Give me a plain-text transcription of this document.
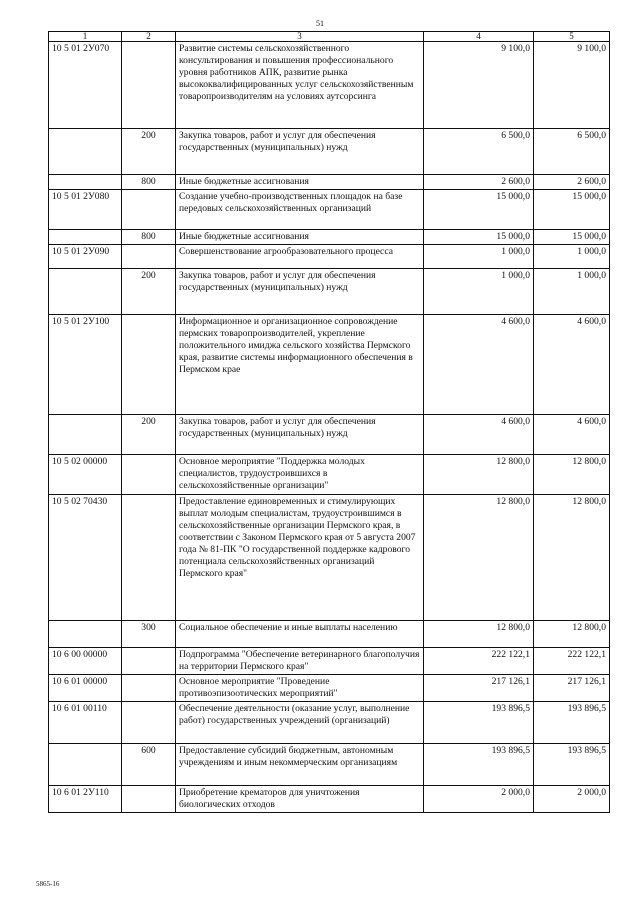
51
1	2	3	4	5
10 5 01 2У070		Развитие системы сельскохозяйственного консультирования и повышения профессионального уровня работников АПК, развитие рынка высококвалифицированных услуг сельскохозяйственным товаропроизводителям на условиях аутсорсинга	9 100,0	9 100,0
	200	Закупка товаров, работ и услуг для обеспечения государственных (муниципальных) нужд	6 500,0	6 500,0
	800	Иные бюджетные ассигнования	2 600,0	2 600,0
10 5 01 2У080		Создание учебно-производственных площадок на базе передовых сельскохозяйственных организаций	15 000,0	15 000,0
	800	Иные бюджетные ассигнования	15 000,0	15 000,0
10 5 01 2У090		Совершенствование агрообразовательного процесса	1 000,0	1 000,0
	200	Закупка товаров, работ и услуг для обеспечения государственных (муниципальных) нужд	1 000,0	1 000,0
10 5 01 2У100		Информационное и организационное сопровождение пермских товаропроизводителей, укрепление положительного имиджа сельского хозяйства Пермского края, развитие системы информационного обеспечения в Пермском крае	4 600,0	4 600,0
	200	Закупка товаров, работ и услуг для обеспечения государственных (муниципальных) нужд	4 600,0	4 600,0
10 5 02 00000		Основное мероприятие "Поддержка молодых специалистов, трудоустроившихся в сельскохозяйственные организации"	12 800,0	12 800,0
10 5 02 70430		Предоставление единовременных и стимулирующих выплат молодым специалистам, трудоустроившимся в сельскохозяйственные организации Пермского края, в соответствии с Законом Пермского края от 5 августа 2007 года № 81-ПК "О государственной поддержке кадрового потенциала сельскохозяйственных организаций Пермского края"	12 800,0	12 800,0
	300	Социальное обеспечение и иные выплаты населению	12 800,0	12 800,0
10 6 00 00000		Подпрограмма "Обеспечение ветеринарного благополучия на территории Пермского края"	222 122,1	222 122,1
10 6 01 00000		Основное мероприятие "Проведение противоэпизоотических мероприятий"	217 126,1	217 126,1
10 6 01 00110		Обеспечение деятельности (оказание услуг, выполнение работ) государственных учреждений (организаций)	193 896,5	193 896,5
	600	Предоставление субсидий бюджетным, автономным учреждениям и иным некоммерческим организациям	193 896,5	193 896,5
10 6 01 2У110		Приобретение крематоров для уничтожения биологических отходов	2 000,0	2 000,0
5865-16
